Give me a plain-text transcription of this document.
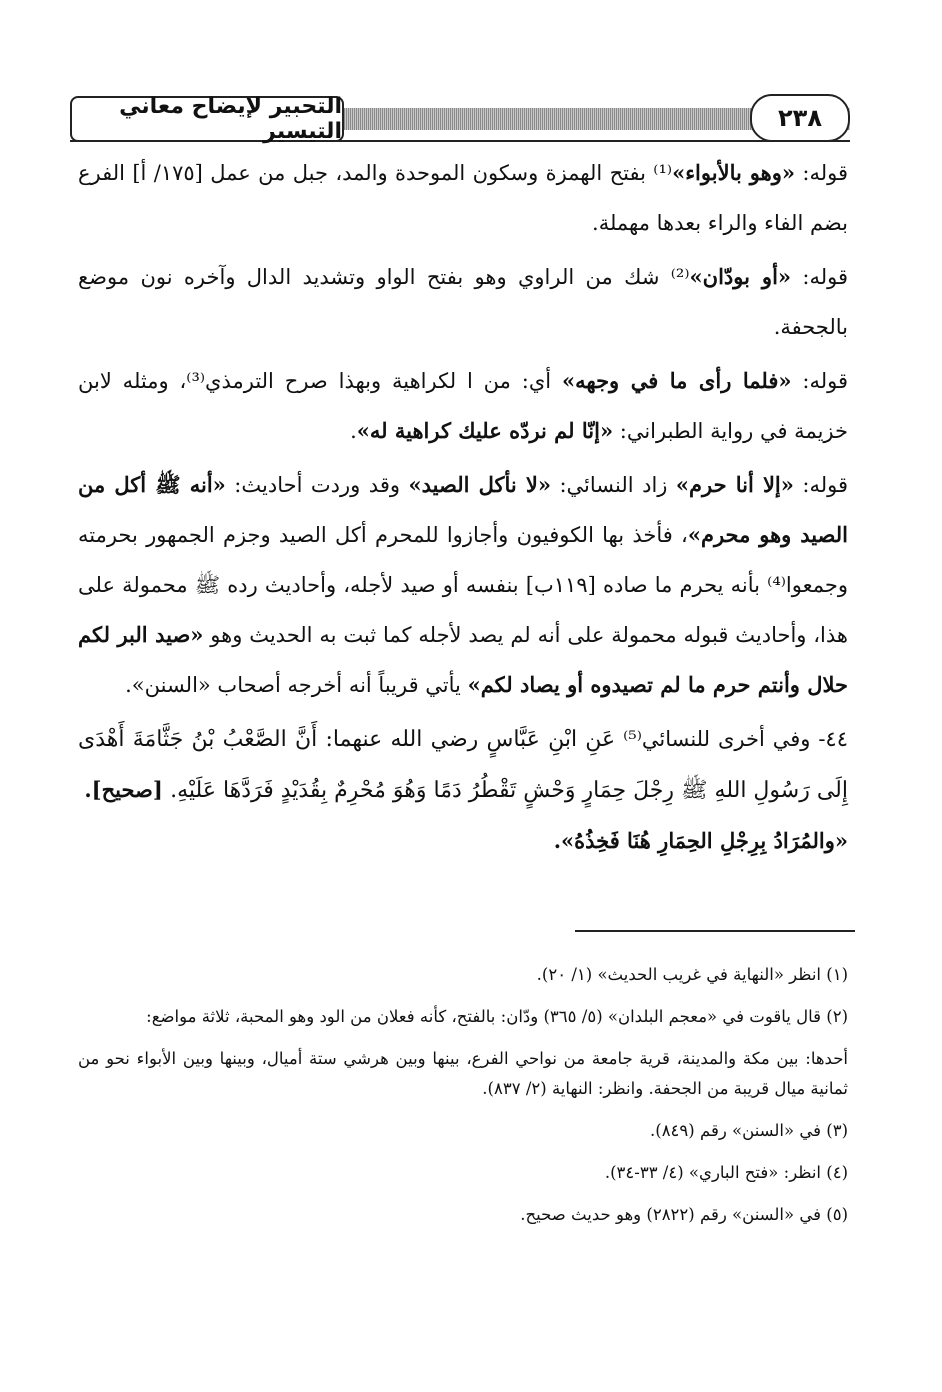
٢٣٨
التحبير لإيضاح معاني التيسير

قوله: «وهو بالأبواء»⁽¹⁾ بفتح الهمزة وسكون الموحدة والمد، جبل من عمل [١٧٥/ أ] الفرع بضم الفاء والراء بعدها مهملة.

قوله: «أو بودّان»⁽²⁾ شك من الراوي وهو بفتح الواو وتشديد الدال وآخره نون موضع بالجحفة.

قوله: «فلما رأى ما في وجهه» أي: من ا لكراهية وبهذا صرح الترمذي⁽³⁾، ومثله لابن خزيمة في رواية الطبراني: «إنّا لم نردّه عليك كراهية له».

قوله: «إلا أنا حرم» زاد النسائي: «لا نأكل الصيد» وقد وردت أحاديث: «أنه ﷺ أكل من الصيد وهو محرم»، فأخذ بها الكوفيون وأجازوا للمحرم أكل الصيد وجزم الجمهور بحرمته وجمعوا⁽⁴⁾ بأنه يحرم ما صاده [١١٩ب] بنفسه أو صيد لأجله، وأحاديث رده ﷺ محمولة على هذا، وأحاديث قبوله محمولة على أنه لم يصد لأجله كما ثبت به الحديث وهو «صيد البر لكم حلال وأنتم حرم ما لم تصيدوه أو يصاد لكم» يأتي قريباً أنه أخرجه أصحاب «السنن».

٤٤- وفي أخرى للنسائي⁽⁵⁾ عَنِ ابْنِ عَبَّاسٍ رضي الله عنهما: أَنَّ الصَّعْبُ بْنُ جَثَّامَةَ أَهْدَى إِلَى رَسُولِ اللهِ ﷺ رِجْلَ حِمَارٍ وَحْشٍ تَقْطُرُ دَمًا وَهُوَ مُحْرِمٌ بِقُدَيْدٍ فَرَدَّهَا عَلَيْهِ. [صحيح].
«والمُرَادُ بِرِجْلِ الحِمَارِ هُنَا فَخِذُهُ».

(١) انظر «النهاية في غريب الحديث» (١/ ٢٠).

(٢) قال ياقوت في «معجم البلدان» (٥/ ٣٦٥) ودّان: بالفتح، كأنه فعلان من الود وهو المحبة، ثلاثة مواضع:

أحدها: بين مكة والمدينة، قرية جامعة من نواحي الفرع، بينها وبين هرشي ستة أميال، وبينها وبين الأبواء نحو من ثمانية ميال قريبة من الجحفة. وانظر: النهاية (٢/ ٨٣٧).

(٣) في «السنن» رقم (٨٤٩).

(٤) انظر: «فتح الباري» (٤/ ٣٣-٣٤).

(٥) في «السنن» رقم (٢٨٢٢) وهو حديث صحيح.
